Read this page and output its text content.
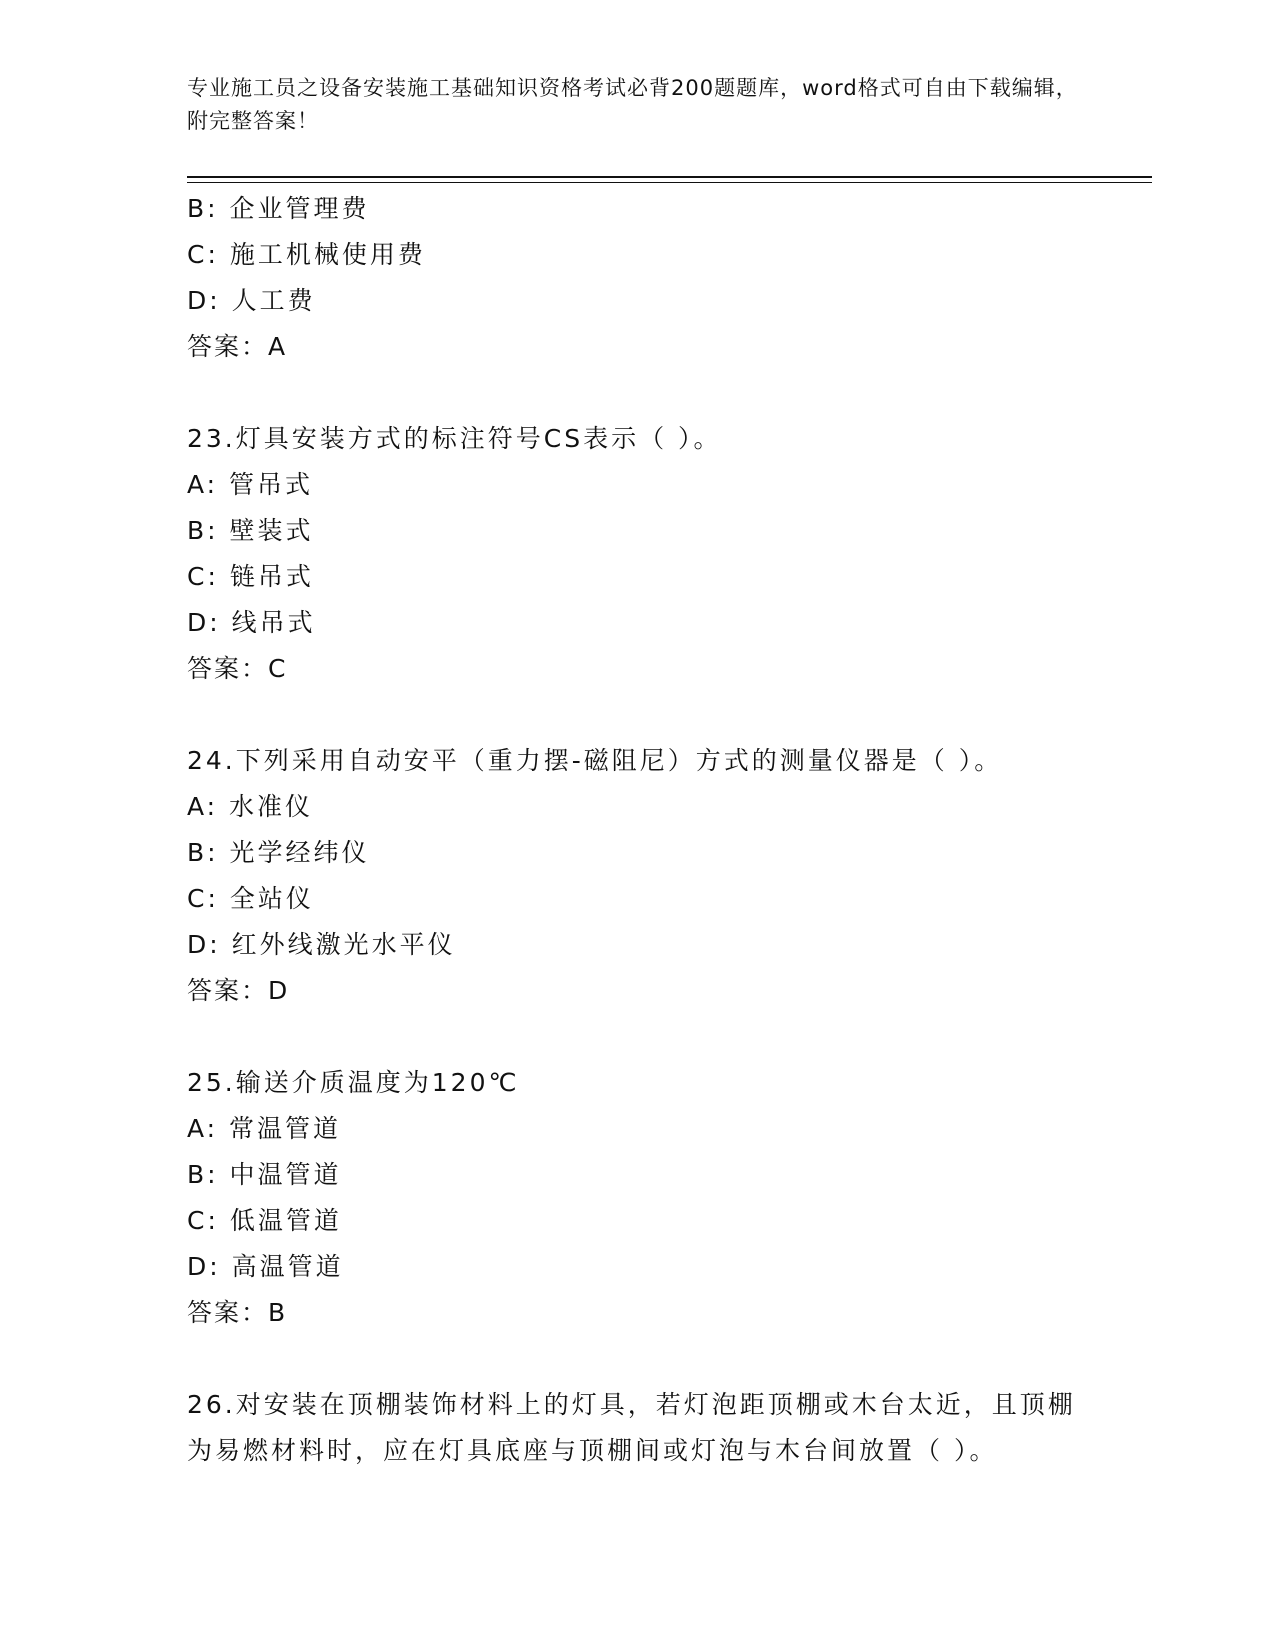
专业施工员之设备安装施工基础知识资格考试必背200题题库，word格式可自由下载编辑，附完整答案！
B: 企业管理费
C: 施工机械使用费
D: 人工费
答案：A
23.灯具安装方式的标注符号CS表示（ ）。
A: 管吊式
B: 壁装式
C: 链吊式
D: 线吊式
答案：C
24.下列采用自动安平（重力摆-磁阻尼）方式的测量仪器是（ ）。
A: 水准仪
B: 光学经纬仪
C: 全站仪
D: 红外线激光水平仪
答案：D
25.输送介质温度为120℃
A: 常温管道
B: 中温管道
C: 低温管道
D: 高温管道
答案：B
26.对安装在顶棚装饰材料上的灯具，若灯泡距顶棚或木台太近，且顶棚为易燃材料时，应在灯具底座与顶棚间或灯泡与木台间放置（ ）。
